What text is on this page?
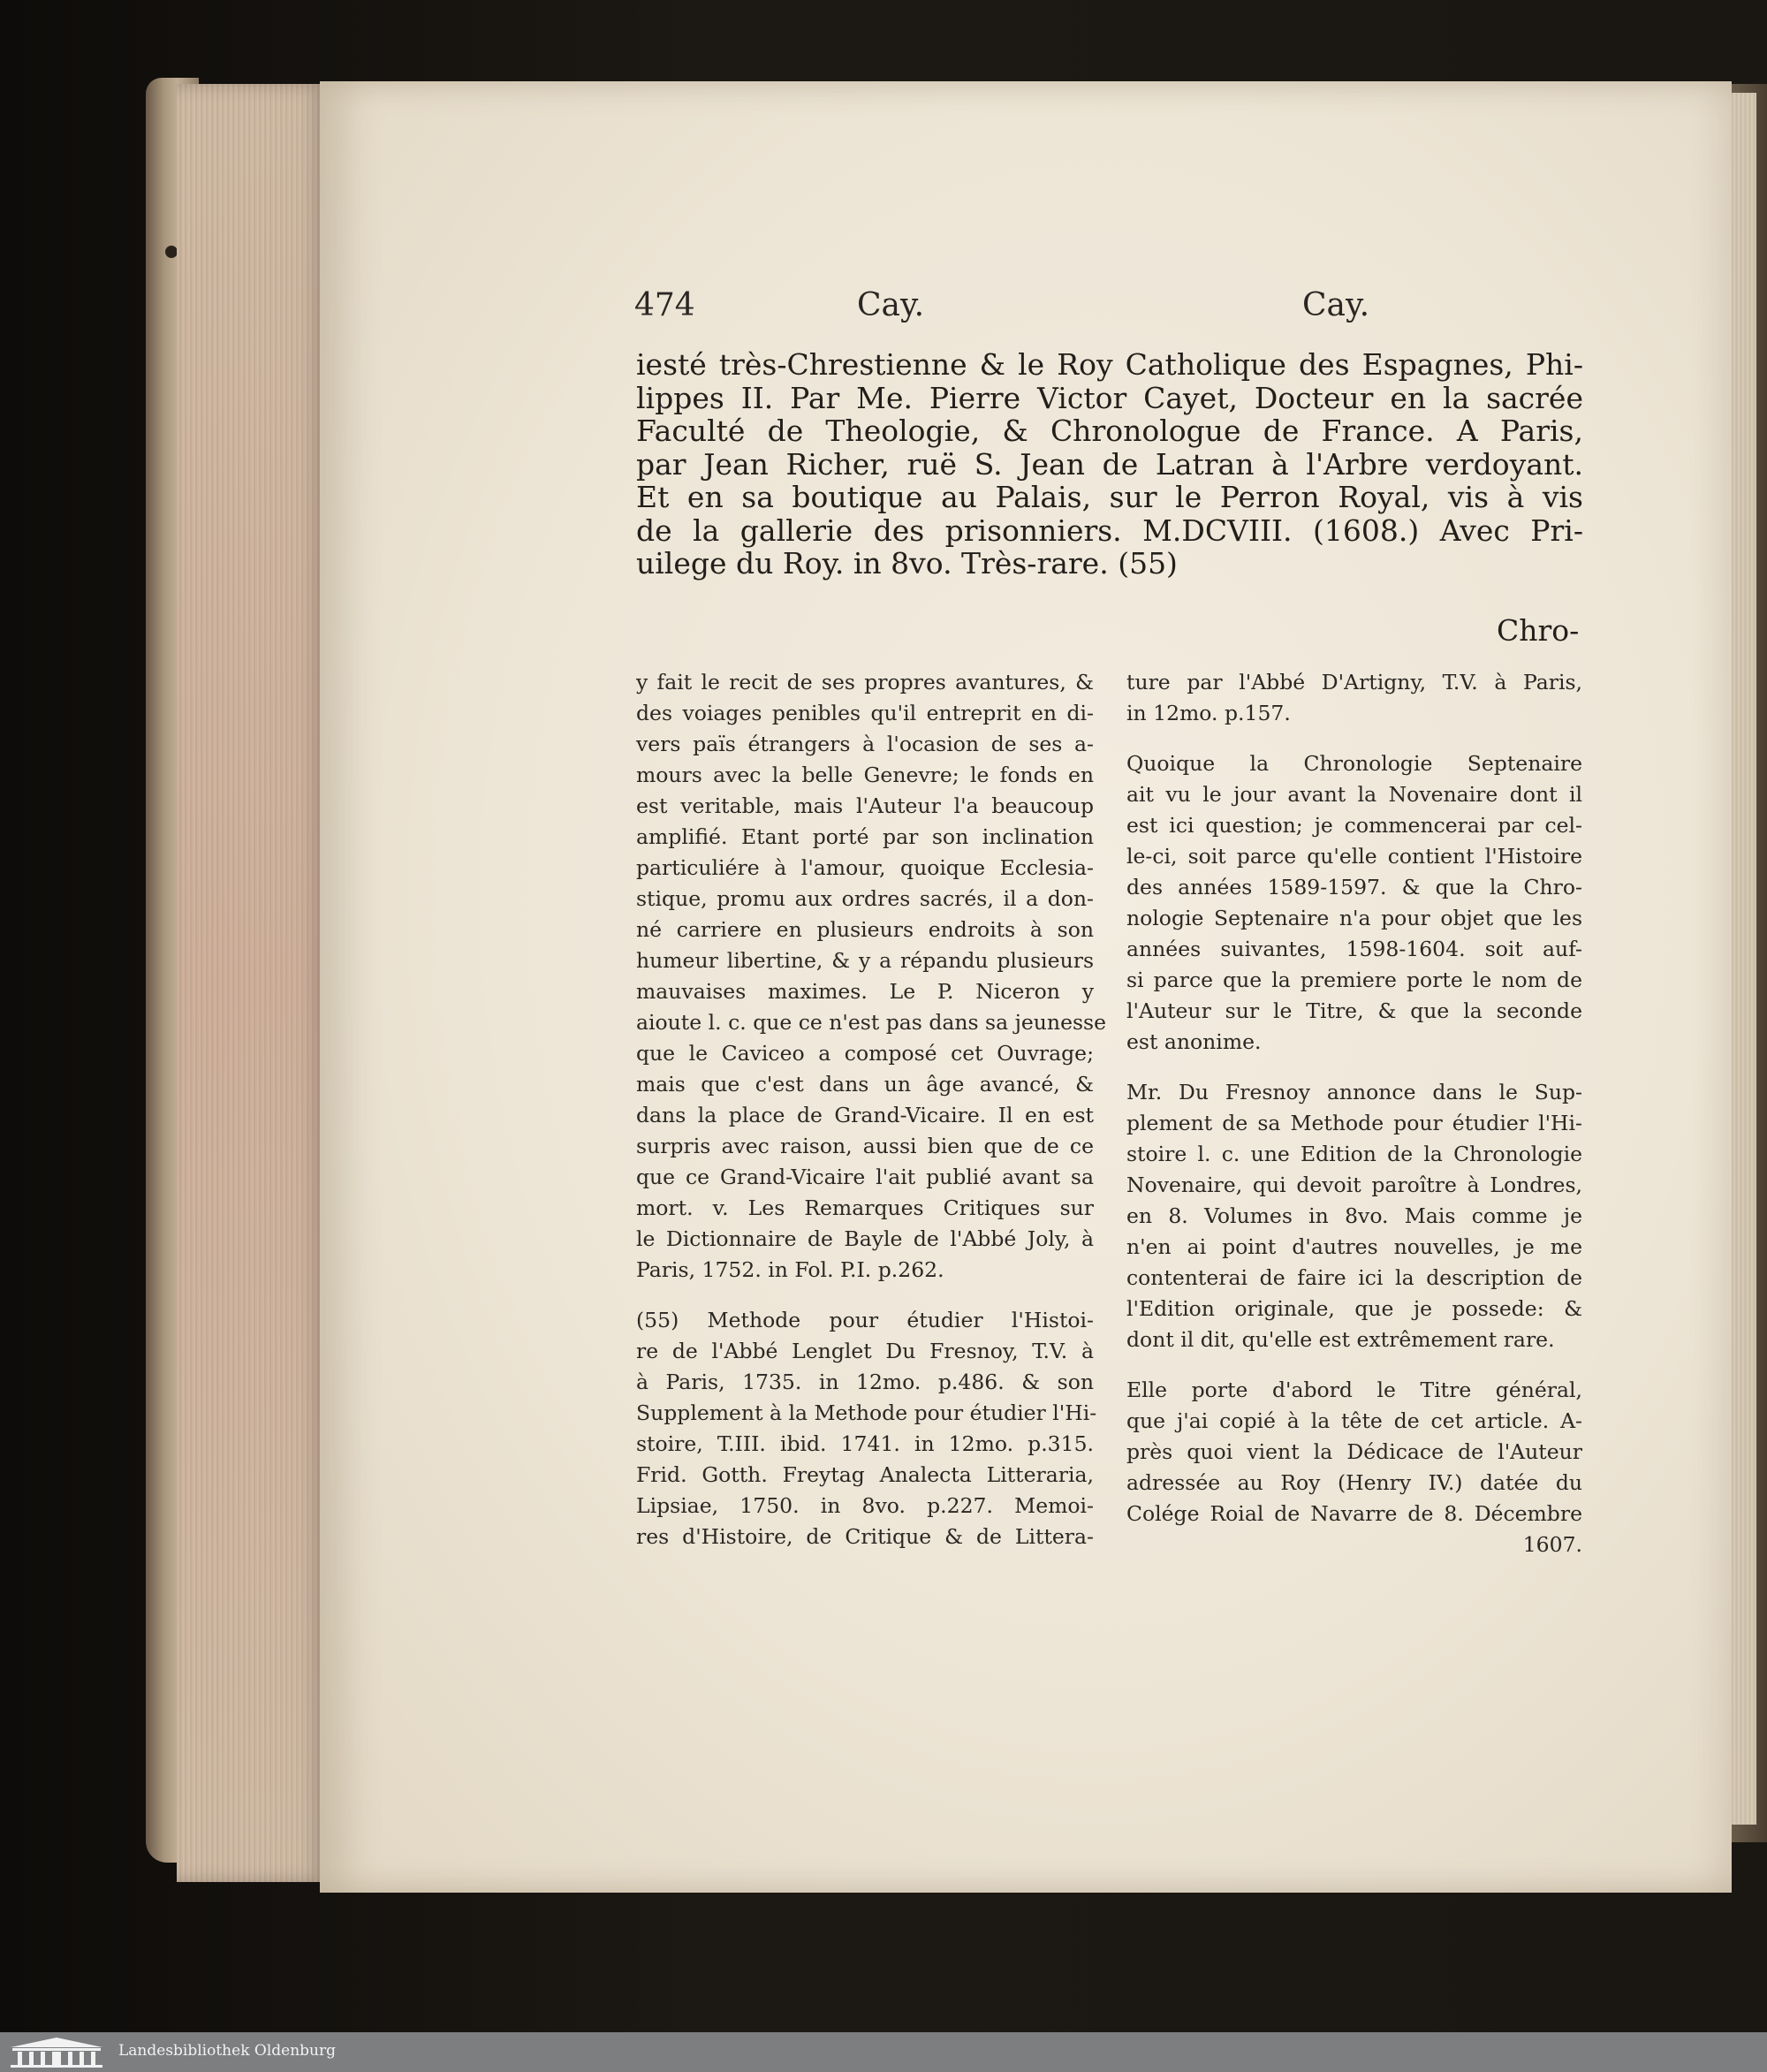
474	Cay.	Cay.
iesté très-Chrestienne & le Roy Catholique des Espagnes, Phi-
lippes II. Par Me. Pierre Victor Cayet, Docteur en la sacrée
Faculté de Theologie, & Chronologue de France. A Paris,
par Jean Richer, ruë S. Jean de Latran à l'Arbre verdoyant.
Et en sa boutique au Palais, sur le Perron Royal, vis à vis
de la gallerie des prisonniers. M.DCVIII. (1608.) Avec Pri-
uilege du Roy. in 8vo. Très-rare. (55)
Chro-
y fait le recit de ses propres avantures, &
des voiages penibles qu'il entreprit en di-
vers païs étrangers à l'ocasion de ses a-
mours avec la belle Genevre; le fonds en
est veritable, mais l'Auteur l'a beaucoup
amplifié. Etant porté par son inclination
particuliére à l'amour, quoique Ecclesia-
stique, promu aux ordres sacrés, il a don-
né carriere en plusieurs endroits à son
humeur libertine, & y a répandu plusieurs
mauvaises maximes. Le P. Niceron y
aioute l. c. que ce n'est pas dans sa jeunesse
que le Caviceo a composé cet Ouvrage;
mais que c'est dans un âge avancé, &
dans la place de Grand-Vicaire. Il en est
surpris avec raison, aussi bien que de ce
que ce Grand-Vicaire l'ait publié avant sa
mort. v. Les Remarques Critiques sur
le Dictionnaire de Bayle de l'Abbé Joly, à
Paris, 1752. in Fol. P.I. p.262.
(55) Methode pour étudier l'Histoi-
re de l'Abbé Lenglet Du Fresnoy, T.V. à
à Paris, 1735. in 12mo. p.486. & son
Supplement à la Methode pour étudier l'Hi-
stoire, T.III. ibid. 1741. in 12mo. p.315.
Frid. Gotth. Freytag Analecta Litteraria,
Lipsiae, 1750. in 8vo. p.227. Memoi-
res d'Histoire, de Critique & de Littera-
ture par l'Abbé D'Artigny, T.V. à Paris,
in 12mo. p.157.
Quoique la Chronologie Septenaire
ait vu le jour avant la Novenaire dont il
est ici question; je commencerai par cel-
le-ci, soit parce qu'elle contient l'Histoire
des années 1589-1597. & que la Chro-
nologie Septenaire n'a pour objet que les
années suivantes, 1598-1604. soit auf-
si parce que la premiere porte le nom de
l'Auteur sur le Titre, & que la seconde
est anonime.
Mr. Du Fresnoy annonce dans le Sup-
plement de sa Methode pour étudier l'Hi-
stoire l. c. une Edition de la Chronologie
Novenaire, qui devoit paroître à Londres,
en 8. Volumes in 8vo. Mais comme je
n'en ai point d'autres nouvelles, je me
contenterai de faire ici la description de
l'Edition originale, que je possede: &
dont il dit, qu'elle est extrêmement rare.
Elle porte d'abord le Titre général,
que j'ai copié à la tête de cet article. A-
près quoi vient la Dédicace de l'Auteur
adressée au Roy (Henry IV.) datée du
Colége Roial de Navarre de 8. Décembre
1607.
Landesbibliothek Oldenburg
